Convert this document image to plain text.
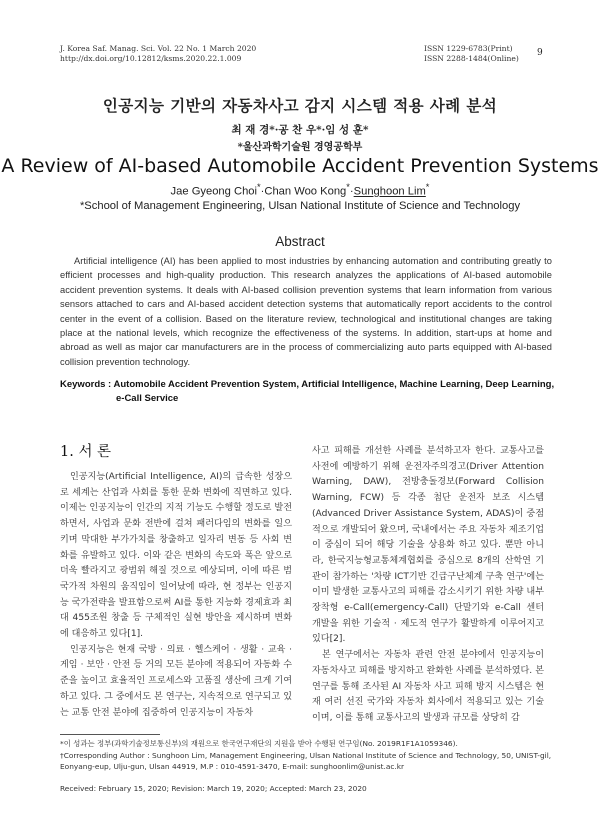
J. Korea Saf. Manag. Sci. Vol. 22 No. 1 March 2020
http://dx.doi.org/10.12812/ksms.2020.22.1.009
ISSN 1229-6783(Print)
ISSN 2288-1484(Online)
9
인공지능 기반의 자동차사고 감지 시스템 적용 사례 분석
최 재 경*·공 찬 우*·임 성 훈*
*울산과학기술원 경영공학부
A Review of AI-based Automobile Accident Prevention Systems
Jae Gyeong Choi*·Chan Woo Kong*·Sunghoon Lim*
*School of Management Engineering, Ulsan National Institute of Science and Technology
Abstract
Artificial intelligence (AI) has been applied to most industries by enhancing automation and contributing greatly to efficient processes and high-quality production. This research analyzes the applications of AI-based automobile accident prevention systems. It deals with AI-based collision prevention systems that learn information from various sensors attached to cars and AI-based accident detection systems that automatically report accidents to the control center in the event of a collision. Based on the literature review, technological and institutional changes are taking place at the national levels, which recognize the effectiveness of the systems. In addition, start-ups at home and abroad as well as major car manufacturers are in the process of commercializing auto parts equipped with AI-based collision prevention technology.
Keywords : Automobile Accident Prevention System, Artificial Intelligence, Machine Learning, Deep Learning,
e-Call Service
1. 서 론

인공지능(Artificial Intelligence, AI)의 급속한 성장으로 세계는 산업과 사회를 통한 문화 변화에 직면하고 있다. 이제는 인공지능이 인간의 지적 기능도 수행할 정도로 발전하면서, 사업과 문화 전반에 걸쳐 패러다임의 변화를 일으키며 막대한 부가가치를 창출하고 일자리 변동 등 사회 변화를 유발하고 있다. 이와 같은 변화의 속도와 폭은 앞으로 더욱 빨라지고 광범위 해질 것으로 예상되며, 이에 따른 범국가적 차원의 움직임이 일어났에 따라, 현 정부는 인공지능 국가전략을 발표함으로써 AI를 통한 지능화 경제효과 최대 455조원 창출 등 구체적인 실현 방안을 제시하며 변화에 대응하고 있다[1].

인공지능은 현재 국방 · 의료 · 헬스케어 · 생활 · 교육 · 게임 · 보안 · 안전 등 거의 모든 분야에 적용되어 자동화 수준을 높이고 효율적인 프로세스와 고품질 생산에 크게 기여하고 있다. 그 중에서도 본 연구는, 지속적으로 연구되고 있는 교통 안전 분야에 집중하여 인공지능이 자동차

사고 피해를 개선한 사례를 분석하고자 한다. 교통사고를 사전에 예방하기 위해 운전자주의경고(Driver Attention Warning, DAW), 전방충돌경보(Forward Collision Warning, FCW) 등 각종 첨단 운전자 보조 시스템(Advanced Driver Assistance System, ADAS)이 중점적으로 개발되어 왔으며, 국내에서는 주요 자동차 제조기업이 중심이 되어 해당 기술을 상용화 하고 있다. 뿐만 아니라, 한국지능형교통체계협회를 중심으로 8개의 산학연 기관이 참가하는 '차량 ICT기반 긴급구난체계 구축 연구'에는 이미 발생한 교통사고의 피해를 감소시키기 위한 차량 내부 장착형 e-Call(emergency-Call) 단말기와 e-Call 센터 개발을 위한 기술적 · 제도적 연구가 활발하게 이루어지고 있다[2].

본 연구에서는 자동차 관련 안전 분야에서 인공지능이 자동차사고 피해를 방지하고 완화한 사례를 분석하였다. 본 연구를 통해 조사된 AI 자동차 사고 피해 방지 시스템은 현재 여러 선진 국가와 자동차 회사에서 적용되고 있는 기술이며, 이를 통해 교통사고의 발생과 규모를 상당히 감

*이 성과는 정부(과학기술정보통신부)의 재원으로 한국연구재단의 지원을 받아 수행된 연구임(No. 2019R1F1A1059346).
†Corresponding Author : Sunghoon Lim, Management Engineering, Ulsan National Institute of Science and Technology, 50, UNIST-gil, Eonyang-eup, Ulju-gun, Ulsan 44919, M.P : 010-4591-3470, E-mail: sunghoonlim@unist.ac.kr
Received: February 15, 2020; Revision: March 19, 2020; Accepted: March 23, 2020
